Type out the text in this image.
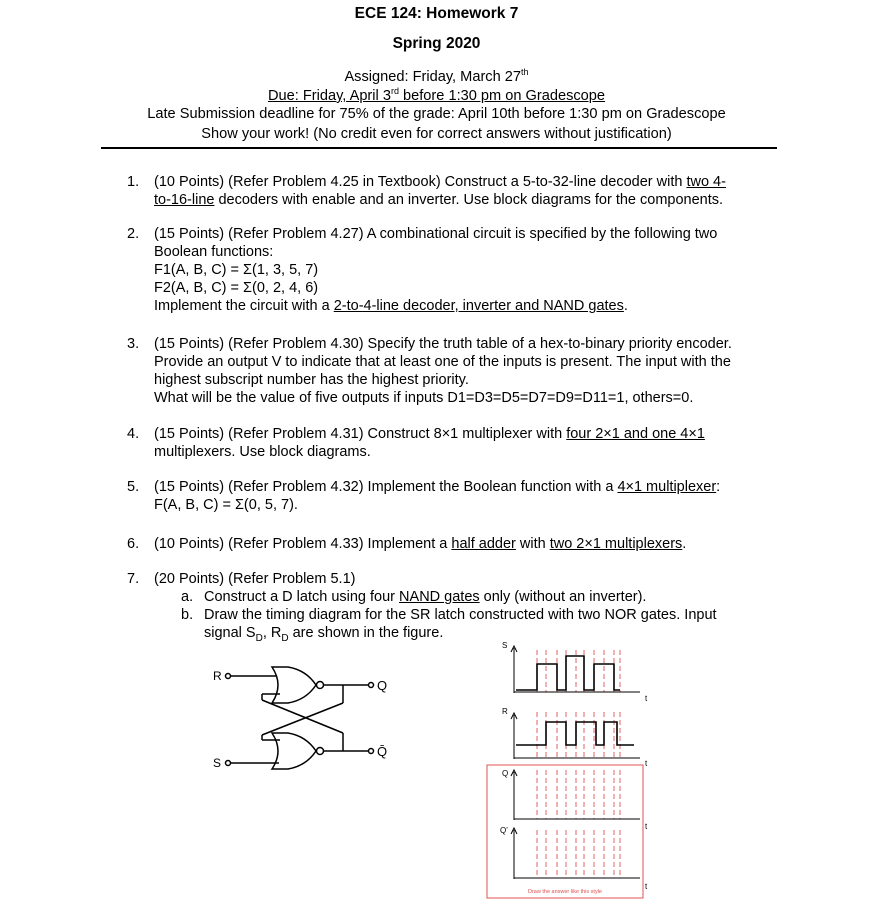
ECE 124: Homework 7
Spring 2020
Assigned: Friday, March 27th
Due: Friday, April 3rd before 1:30 pm on Gradescope
Late Submission deadline for 75% of the grade: April 10th before 1:30 pm on Gradescope
Show your work! (No credit even for correct answers without justification)
1. (10 Points) (Refer Problem 4.25 in Textbook) Construct a 5-to-32-line decoder with two 4-
to-16-line decoders with enable and an inverter. Use block diagrams for the components.
2. (15 Points) (Refer Problem 4.27) A combinational circuit is specified by the following two
Boolean functions:
F1(A, B, C) = Σ(1, 3, 5, 7)
F2(A, B, C) = Σ(0, 2, 4, 6)
Implement the circuit with a 2-to-4-line decoder, inverter and NAND gates.
3. (15 Points) (Refer Problem 4.30) Specify the truth table of a hex-to-binary priority encoder.
Provide an output V to indicate that at least one of the inputs is present. The input with the
highest subscript number has the highest priority.
What will be the value of five outputs if inputs D1=D3=D5=D7=D9=D11=1, others=0.
4. (15 Points) (Refer Problem 4.31) Construct 8×1 multiplexer with four 2×1 and one 4×1
multiplexers. Use block diagrams.
5. (15 Points) (Refer Problem 4.32) Implement the Boolean function with a 4×1 multiplexer:
F(A, B, C) = Σ(0, 5, 7).
6. (10 Points) (Refer Problem 4.33) Implement a half adder with two 2×1 multiplexers.
7. (20 Points) (Refer Problem 5.1)
a. Construct a D latch using four NAND gates only (without an inverter).
b. Draw the timing diagram for the SR latch constructed with two NOR gates. Input
signal $S_D$, $R_D$ are shown in the figure.
R
S
Q
Q̄
S
R
Q
Q'
t
t
t
t
Draw the answer like this style
